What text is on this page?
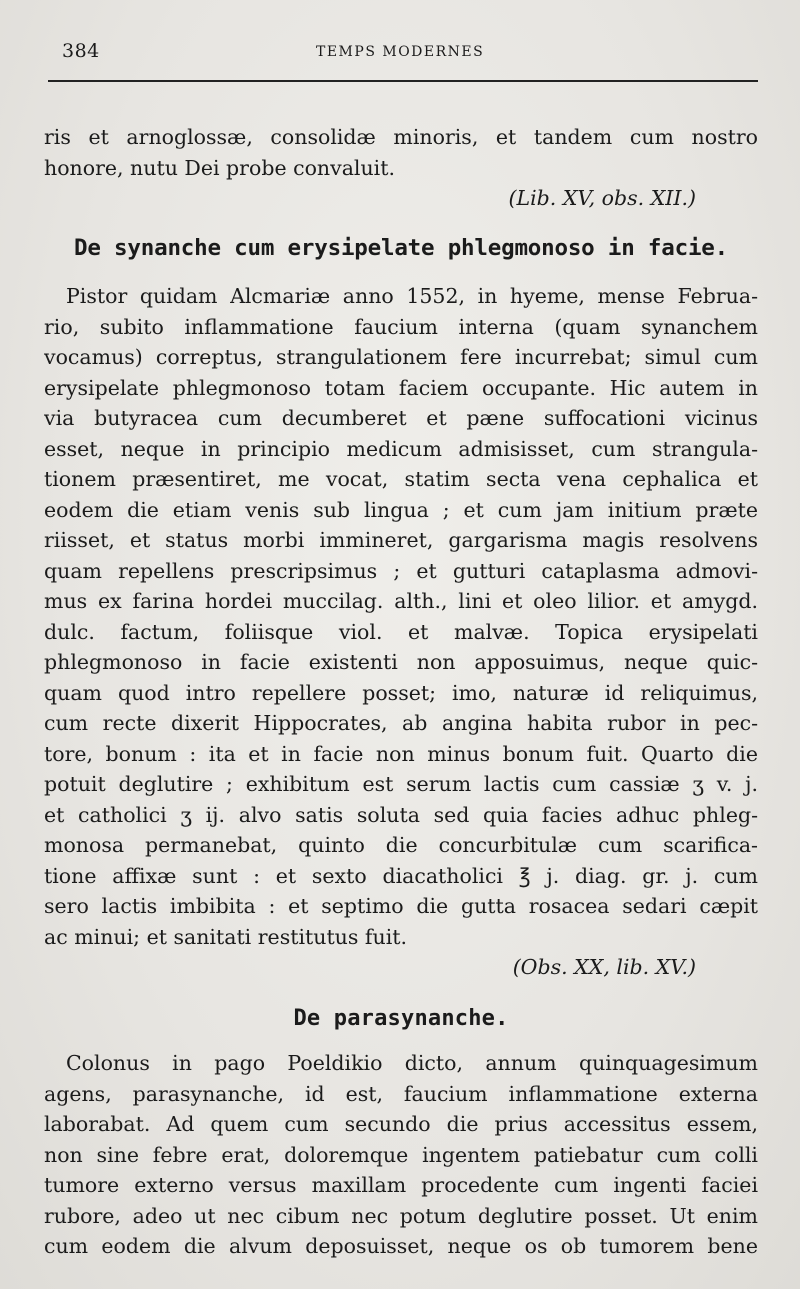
384	TEMPS MODERNES
ris et arnoglossæ, consolidæ minoris, et tandem cum nostro
honore, nutu Dei probe convaluit.
(Lib. XV, obs. XII.)
De synanche cum erysipelate phlegmonoso in facie.
Pistor quidam Alcmariæ anno 1552, in hyeme, mense Februa-
rio, subito inflammatione faucium interna (quam synanchem
vocamus) correptus, strangulationem fere incurrebat; simul cum
erysipelate phlegmonoso totam faciem occupante. Hic autem in
via butyracea cum decumberet et pæne suffocationi vicinus
esset, neque in principio medicum admisisset, cum strangula-
tionem præsentiret, me vocat, statim secta vena cephalica et
eodem die etiam venis sub lingua ; et cum jam initium præte
riisset, et status morbi immineret, gargarisma magis resolvens
quam repellens prescripsimus ; et gutturi cataplasma admovi-
mus ex farina hordei muccilag. alth., lini et oleo lilior. et amygd.
dulc. factum, foliisque viol. et malvæ. Topica erysipelati
phlegmonoso in facie existenti non apposuimus, neque quic-
quam quod intro repellere posset; imo, naturæ id reliquimus,
cum recte dixerit Hippocrates, ab angina habita rubor in pec-
tore, bonum : ita et in facie non minus bonum fuit. Quarto die
potuit deglutire ; exhibitum est serum lactis cum cassiæ ʒ v. j.
et catholici ʒ ij. alvo satis soluta sed quia facies adhuc phleg-
monosa permanebat, quinto die concurbitulæ cum scarifica-
tione affixæ sunt : et sexto diacatholici ℥ j. diag. gr. j. cum
sero lactis imbibita : et septimo die gutta rosacea sedari cæpit
ac minui; et sanitati restitutus fuit.
(Obs. XX, lib. XV.)
De parasynanche.
Colonus in pago Poeldikio dicto, annum quinquagesimum
agens, parasynanche, id est, faucium inflammatione externa
laborabat. Ad quem cum secundo die prius accessitus essem,
non sine febre erat, doloremque ingentem patiebatur cum colli
tumore externo versus maxillam procedente cum ingenti faciei
rubore, adeo ut nec cibum nec potum deglutire posset. Ut enim
cum eodem die alvum deposuisset, neque os ob tumorem bene
